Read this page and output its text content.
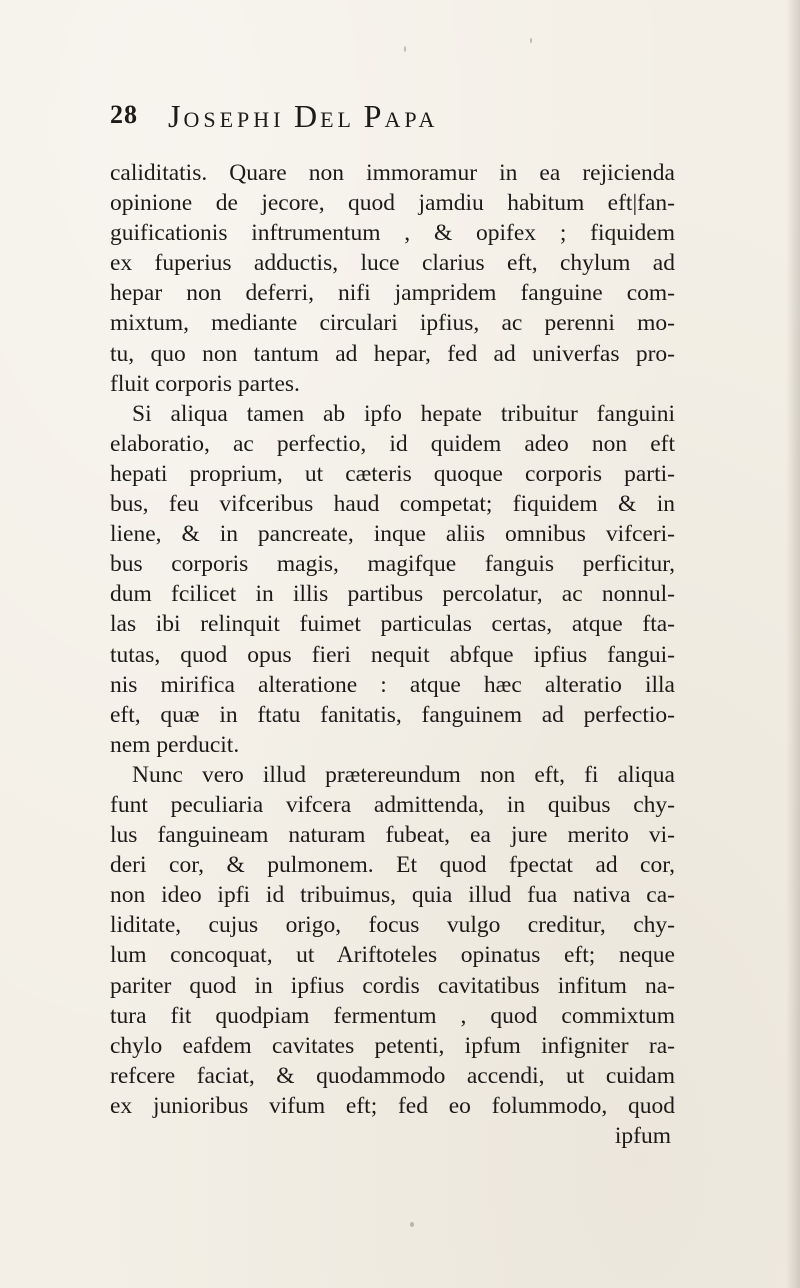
28 JOSEPHI DEL PAPA
caliditatis. Quare non immoramur in ea rejicienda
opinione de jecore, quod jamdiu habitum eft|fan-
guificationis inftrumentum , & opifex ; fiquidem
ex fuperius adductis, luce clarius eft, chylum ad
hepar non deferri, nifi jampridem fanguine com-
mixtum, mediante circulari ipfius, ac perenni mo-
tu, quo non tantum ad hepar, fed ad univerfas pro-
fluit corporis partes.
Si aliqua tamen ab ipfo hepate tribuitur fanguini
elaboratio, ac perfectio, id quidem adeo non eft
hepati proprium, ut cæteris quoque corporis parti-
bus, feu vifceribus haud competat; fiquidem & in
liene, & in pancreate, inque aliis omnibus vifceri-
bus corporis magis, magifque fanguis perficitur,
dum fcilicet in illis partibus percolatur, ac nonnul-
las ibi relinquit fuimet particulas certas, atque fta-
tutas, quod opus fieri nequit abfque ipfius fangui-
nis mirifica alteratione : atque hæc alteratio illa
eft, quæ in ftatu fanitatis, fanguinem ad perfectio-
nem perducit.
Nunc vero illud prætereundum non eft, fi aliqua
funt peculiaria vifcera admittenda, in quibus chy-
lus fanguineam naturam fubeat, ea jure merito vi-
deri cor, & pulmonem. Et quod fpectat ad cor,
non ideo ipfi id tribuimus, quia illud fua nativa ca-
liditate, cujus origo, focus vulgo creditur, chy-
lum concoquat, ut Ariftoteles opinatus eft; neque
pariter quod in ipfius cordis cavitatibus infitum na-
tura fit quodpiam fermentum , quod commixtum
chylo eafdem cavitates petenti, ipfum infigniter ra-
refcere faciat, & quodammodo accendi, ut cuidam
ex junioribus vifum eft; fed eo folummodo, quod
ipfum
